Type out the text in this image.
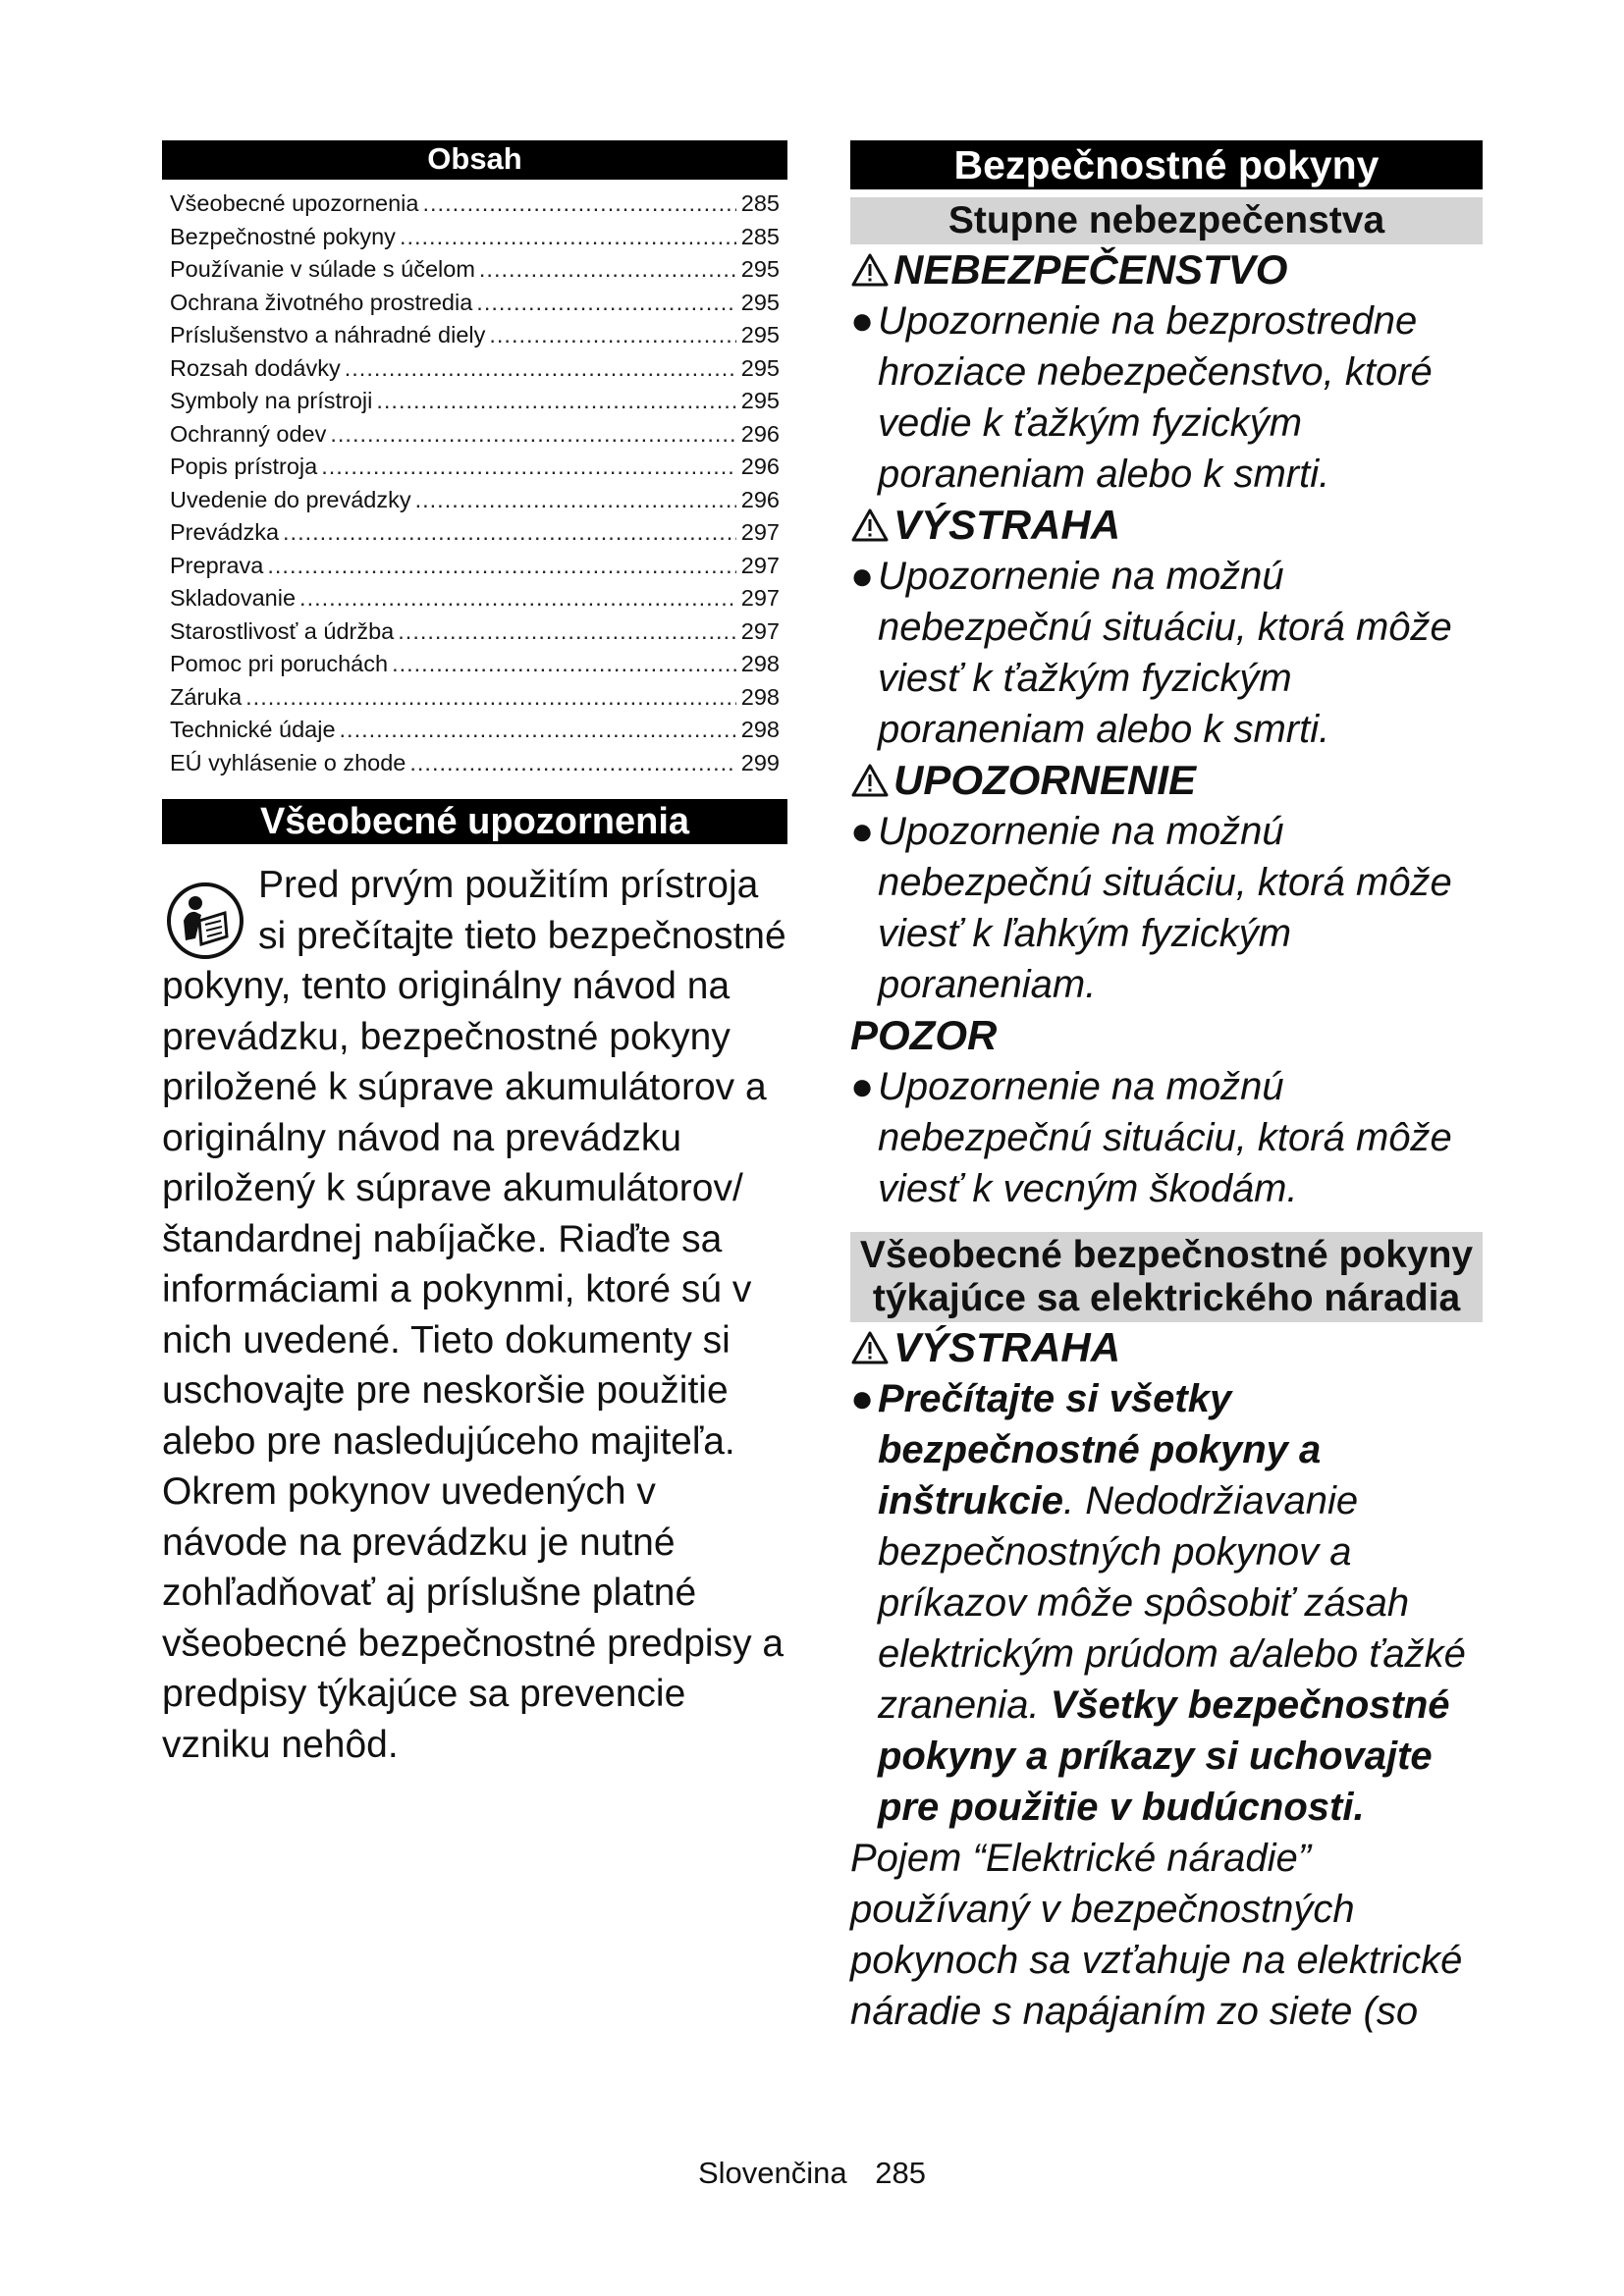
Obsah
Všeobecné upozornenia .....	285
Bezpečnostné pokyny .....	285
Používanie v súlade s účelom .....	295
Ochrana životného prostredia .....	295
Príslušenstvo a náhradné diely .....	295
Rozsah dodávky .....	295
Symboly na prístroji .....	295
Ochranný odev .....	296
Popis prístroja .....	296
Uvedenie do prevádzky .....	296
Prevádzka .....	297
Preprava .....	297
Skladovanie .....	297
Starostlivosť a údržba .....	297
Pomoc pri poruchách .....	298
Záruka .....	298
Technické údaje .....	298
EÚ vyhlásenie o zhode .....	299
Všeobecné upozornenia

Pred prvým použitím prístroja si prečítajte tieto bezpečnostné pokyny, tento originálny návod na prevádzku, bezpečnostné pokyny priložené k súprave akumulátorov a originálny návod na prevádzku priložený k súprave akumulátorov/ štandardnej nabíjačke. Riaďte sa informáciami a pokynmi, ktoré sú v nich uvedené. Tieto dokumenty si uschovajte pre neskoršie použitie alebo pre nasledujúceho majiteľa.

Okrem pokynov uvedených v návode na prevádzku je nutné zohľadňovať aj príslušne platné všeobecné bezpečnostné predpisy a predpisy týkajúce sa prevencie vzniku nehôd.

Bezpečnostné pokyny
Stupne nebezpečenstva
NEBEZPEČENSTVO

●Upozornenie na bezprostredne hroziace nebezpečenstvo, ktoré vedie k ťažkým fyzickým poraneniam alebo k smrti.

VÝSTRAHA

●Upozornenie na možnú nebezpečnú situáciu, ktorá môže viesť k ťažkým fyzickým poraneniam alebo k smrti.

UPOZORNENIE

●Upozornenie na možnú nebezpečnú situáciu, ktorá môže viesť k ľahkým fyzickým poraneniam.

POZOR

●Upozornenie na možnú nebezpečnú situáciu, ktorá môže viesť k vecným škodám.

Všeobecné bezpečnostné pokyny týkajúce sa elektrického náradia
VÝSTRAHA

●Prečítajte si všetky bezpečnostné pokyny a inštrukcie. Nedodržiavanie bezpečnostných pokynov a príkazov môže spôsobiť zásah elektrickým prúdom a/alebo ťažké zranenia. Všetky bezpečnostné pokyny a príkazy si uchovajte pre použitie v budúcnosti.

Pojem “Elektrické náradie” používaný v bezpečnostných pokynoch sa vzťahuje na elektrické náradie s napájaním zo siete (so

Slovenčina 285
